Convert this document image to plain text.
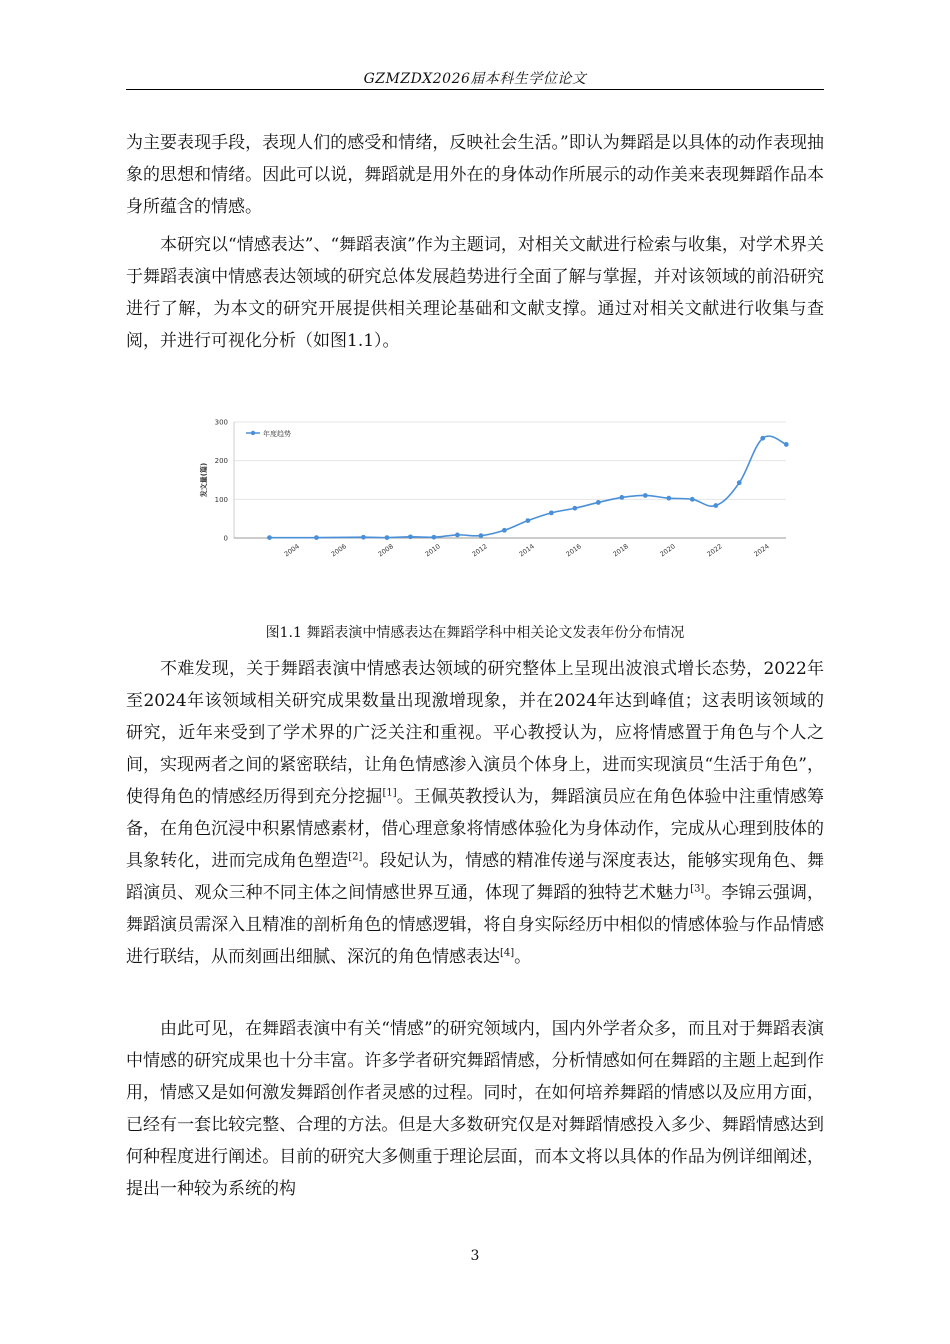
GZMZDX2026届本科生学位论文

为主要表现手段，表现人们的感受和情绪，反映社会生活。”即认为舞蹈是以具体的动作表现抽象的思想和情绪。因此可以说，舞蹈就是用外在的身体动作所展示的动作美来表现舞蹈作品本身所蕴含的情感。

本研究以“情感表达”、“舞蹈表演”作为主题词，对相关文献进行检索与收集，对学术界关于舞蹈表演中情感表达领域的研究总体发展趋势进行全面了解与掌握，并对该领域的前沿研究进行了解，为本文的研究开展提供相关理论基础和文献支撑。通过对相关文献进行收集与查阅，并进行可视化分析（如图1.1）。

0
100
200
300
2004	2006	2008	2010	2012	2014	2016	2018	2020	2022	2024
发文量(篇)
年度趋势
图1.1 舞蹈表演中情感表达在舞蹈学科中相关论文发表年份分布情况

不难发现，关于舞蹈表演中情感表达领域的研究整体上呈现出波浪式增长态势，2022年至2024年该领域相关研究成果数量出现激增现象，并在2024年达到峰值；这表明该领域的研究，近年来受到了学术界的广泛关注和重视。平心教授认为，应将情感置于角色与个人之间，实现两者之间的紧密联结，让角色情感渗入演员个体身上，进而实现演员“生活于角色”，使得角色的情感经历得到充分挖掘[1]。王佩英教授认为，舞蹈演员应在角色体验中注重情感筹备，在角色沉浸中积累情感素材，借心理意象将情感体验化为身体动作，完成从心理到肢体的具象转化，进而完成角色塑造[2]。段妃认为，情感的精准传递与深度表达，能够实现角色、舞蹈演员、观众三种不同主体之间情感世界互通，体现了舞蹈的独特艺术魅力[3]。李锦云强调，舞蹈演员需深入且精准的剖析角色的情感逻辑，将自身实际经历中相似的情感体验与作品情感进行联结，从而刻画出细腻、深沉的角色情感表达[4]。

由此可见，在舞蹈表演中有关“情感”的研究领域内，国内外学者众多，而且对于舞蹈表演中情感的研究成果也十分丰富。许多学者研究舞蹈情感，分析情感如何在舞蹈的主题上起到作用，情感又是如何激发舞蹈创作者灵感的过程。同时，在如何培养舞蹈的情感以及应用方面，已经有一套比较完整、合理的方法。但是大多数研究仅是对舞蹈情感投入多少、舞蹈情感达到何种程度进行阐述。目前的研究大多侧重于理论层面，而本文将以具体的作品为例详细阐述，提出一种较为系统的构

3
